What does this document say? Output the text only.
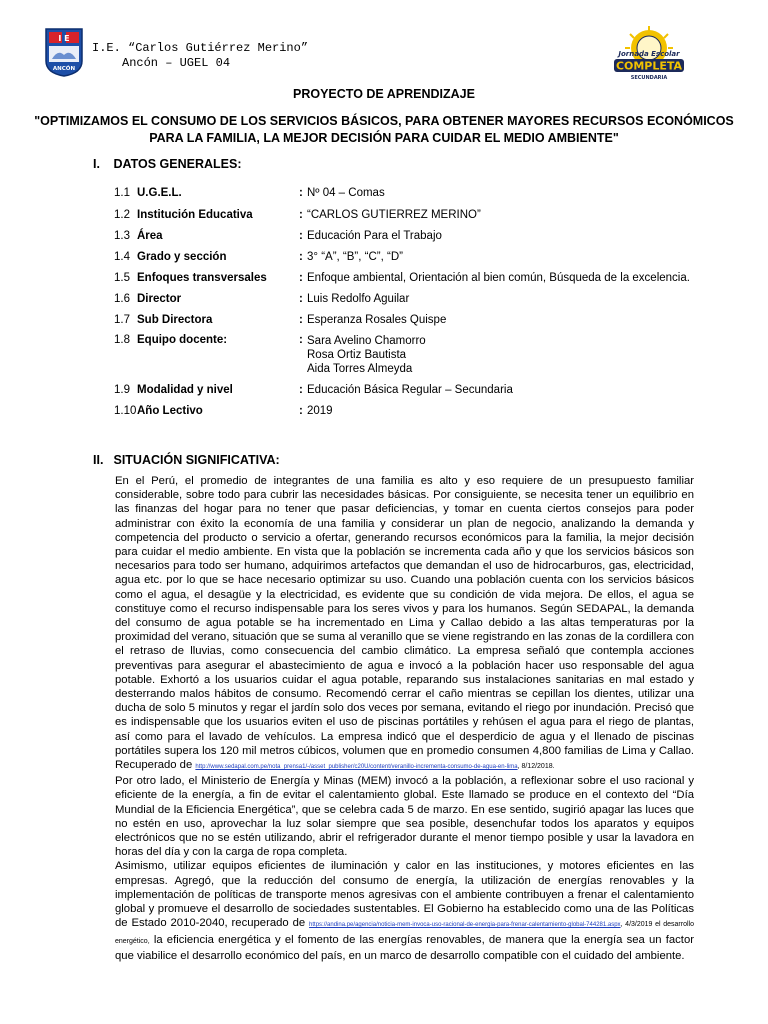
I E
ANCÓN
I.E. “Carlos Gutiérrez Merino”
Ancón – UGEL 04
Jornada Escolar
COMPLETA
SECUNDARIA
PROYECTO DE APRENDIZAJE
"OPTIMIZAMOS EL CONSUMO DE LOS SERVICIOS BÁSICOS, PARA OBTENER MAYORES RECURSOS ECONÓMICOS
PARA LA FAMILIA, LA MEJOR DECISIÓN PARA CUIDAR EL MEDIO AMBIENTE"
I. DATOS GENERALES:
1.1 U.G.E.L.	: Nº 04 – Comas
1.2 Institución Educativa	: “CARLOS GUTIERREZ MERINO”
1.3 Área	: Educación Para el Trabajo
1.4 Grado y sección	: 3° “A”, “B”, “C”, “D”
1.5 Enfoques transversales	: Enfoque ambiental, Orientación al bien común, Búsqueda de la excelencia.
1.6 Director	: Luis Redolfo Aguilar
1.7 Sub Directora	: Esperanza Rosales Quispe
1.8 Equipo docente:	: Sara Avelino Chamorro
Rosa Ortiz Bautista
Aida Torres Almeyda
1.9 Modalidad y nivel	: Educación Básica Regular – Secundaria
1.10 Año Lectivo	: 2019
II. SITUACIÓN SIGNIFICATIVA:

En el Perú, el promedio de integrantes de una familia es alto y eso requiere de un presupuesto familiar considerable, sobre todo para cubrir las necesidades básicas. Por consiguiente, se necesita tener un equilibrio en las finanzas del hogar para no tener que pasar deficiencias, y tomar en cuenta ciertos consejos para poder administrar con éxito la economía de una familia y considerar un plan de negocio, analizando la demanda y competencia del producto o servicio a ofertar, generando recursos económicos para la familia, la mejor decisión para cuidar el medio ambiente. En vista que la población se incrementa cada año y que los servicios básicos son necesarios para todo ser humano, adquirimos artefactos que demandan el uso de hidrocarburos, gas, electricidad, agua etc. por lo que se hace necesario optimizar su uso. Cuando una población cuenta con los servicios básicos como el agua, el desagüe y la electricidad, es evidente que su condición de vida mejora. De ellos, el agua se constituye como el recurso indispensable para los seres vivos y para los humanos. Según SEDAPAL, la demanda del consumo de agua potable se ha incrementado en Lima y Callao debido a las altas temperaturas por la proximidad del verano, situación que se suma al veranillo que se viene registrando en las zonas de la cordillera con el retraso de lluvias, como consecuencia del cambio climático. La empresa señaló que contempla acciones preventivas para asegurar el abastecimiento de agua e invocó a la población hacer uso responsable del agua potable. Exhortó a los usuarios cuidar el agua potable, reparando sus instalaciones sanitarias en mal estado y desterrando malos hábitos de consumo. Recomendó cerrar el caño mientras se cepillan los dientes, utilizar una ducha de solo 5 minutos y regar el jardín solo dos veces por semana, evitando el riego por inundación. Precisó que es indispensable que los usuarios eviten el uso de piscinas portátiles y rehúsen el agua para el riego de plantas, así como para el lavado de vehículos. La empresa indicó que el desperdicio de agua y el llenado de piscinas portátiles supera los 120 mil metros cúbicos, volumen que en promedio consumen 4,800 familias de Lima y Callao. Recuperado de http://www.sedapal.com.pe/nota_prensa1/-/asset_publisher/c20U/content/veranillo-incrementa-consumo-de-agua-en-lima, 8/12/2018.

Por otro lado, el Ministerio de Energía y Minas (MEM) invocó a la población, a reflexionar sobre el uso racional y eficiente de la energía, a fin de evitar el calentamiento global. Este llamado se produce en el contexto del “Día Mundial de la Eficiencia Energética”, que se celebra cada 5 de marzo. En ese sentido, sugirió apagar las luces que no estén en uso, aprovechar la luz solar siempre que sea posible, desenchufar todos los aparatos y equipos electrónicos que no se estén utilizando, abrir el refrigerador durante el menor tiempo posible y usar la lavadora en horas del día y con la carga de ropa completa.

Asimismo, utilizar equipos eficientes de iluminación y calor en las instituciones, y motores eficientes en las empresas. Agregó, que la reducción del consumo de energía, la utilización de energías renovables y la implementación de políticas de transporte menos agresivas con el ambiente contribuyen a frenar el calentamiento global y promueve el desarrollo de sociedades sustentables. El Gobierno ha establecido como una de las Políticas de Estado 2010-2040, recuperado de https://andina.pe/agencia/noticia-mem-invoca-uso-racional-de-energia-para-frenar-calentamiento-global-744281.aspx, 4/3/2019 el desarrollo energético, la eficiencia energética y el fomento de las energías renovables, de manera que la energía sea un factor que viabilice el desarrollo económico del país, en un marco de desarrollo compatible con el cuidado del ambiente.
